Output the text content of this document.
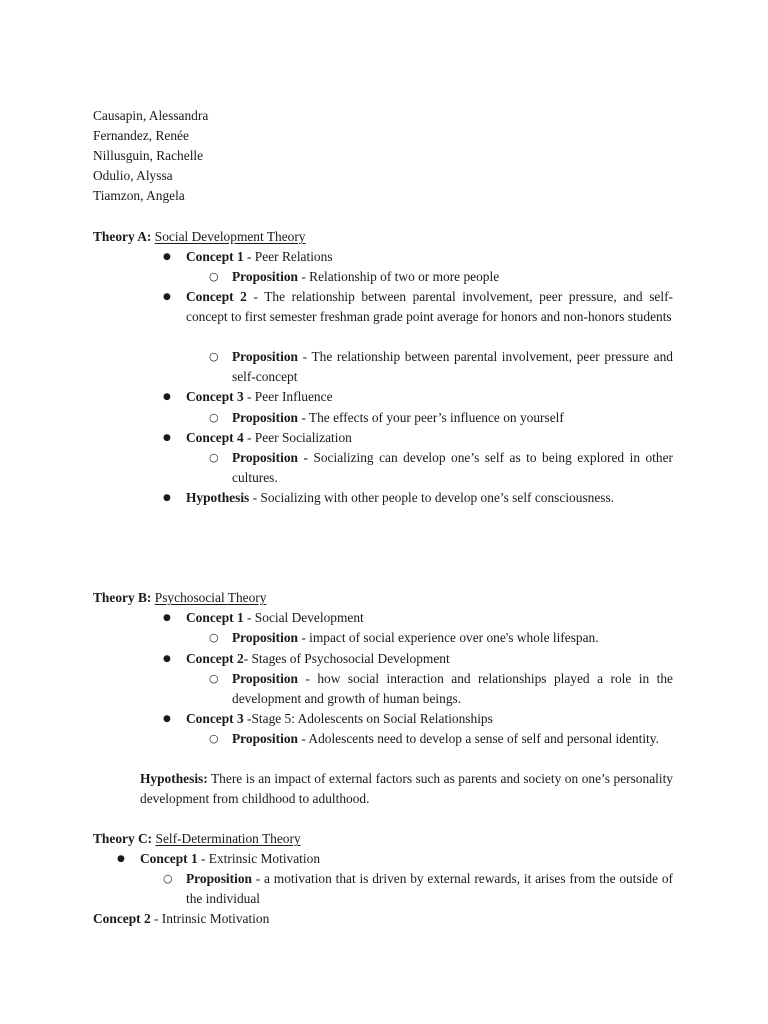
Causapin, Alessandra
Fernandez, Renée
Nillusguin, Rachelle
Odulio, Alyssa
Tiamzon, Angela
Theory A: Social Development Theory
● Concept 1 - Peer Relations
○ Proposition - Relationship of two or more people
● Concept 2 - The relationship between parental involvement, peer pressure, and self-concept to first semester freshman grade point average for honors and non-honors students
○ Proposition - The relationship between parental involvement, peer pressure and self-concept
● Concept 3 - Peer Influence
○ Proposition - The effects of your peer’s influence on yourself
● Concept 4 - Peer Socialization
○ Proposition - Socializing can develop one’s self as to being explored in other cultures.
● Hypothesis - Socializing with other people to develop one’s self consciousness.
Theory B: Psychosocial Theory
● Concept 1 - Social Development
○ Proposition - impact of social experience over one's whole lifespan.
● Concept 2- Stages of Psychosocial Development
○ Proposition - how social interaction and relationships played a role in the development and growth of human beings.
● Concept 3 -Stage 5: Adolescents on Social Relationships
○ Proposition - Adolescents need to develop a sense of self and personal identity.
Hypothesis: There is an impact of external factors such as parents and society on one’s personality development from childhood to adulthood.
Theory C: Self-Determination Theory
● Concept 1 - Extrinsic Motivation
○ Proposition - a motivation that is driven by external rewards, it arises from the outside of the individual
Concept 2 - Intrinsic Motivation
